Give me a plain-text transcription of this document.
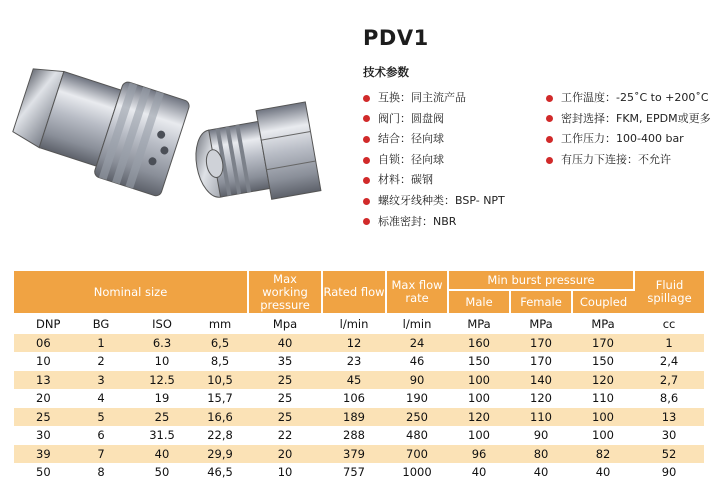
PDV1
技术参数
互换：同主流产品
阀门：圆盘阀
结合：径向球
自锁：径向球
材料：碳钢
螺纹牙线种类：BSP- NPT
标准密封：NBR
工作温度：-25˚C to +200˚C
密封选择：FKM, EPDM或更多
工作压力：100-400 bar
有压力下连接：不允许
Nominal size				Max working pressure	Rated flow	Max flow rate	Min burst pressure			Fluid spillage
							Male	Female	Coupled	
DNP	BG	ISO	mm	Mpa	l/min	l/min	MPa	MPa	MPa	cc
06	1	6.3	6,5	40	12	24	160	170	170	1
10	2	10	8,5	35	23	46	150	170	150	2,4
13	3	12.5	10,5	25	45	90	100	140	120	2,7
20	4	19	15,7	25	106	190	100	120	110	8,6
25	5	25	16,6	25	189	250	120	110	100	13
30	6	31.5	22,8	22	288	480	100	90	100	30
39	7	40	29,9	20	379	700	96	80	82	52
50	8	50	46,5	10	757	1000	40	40	40	90
